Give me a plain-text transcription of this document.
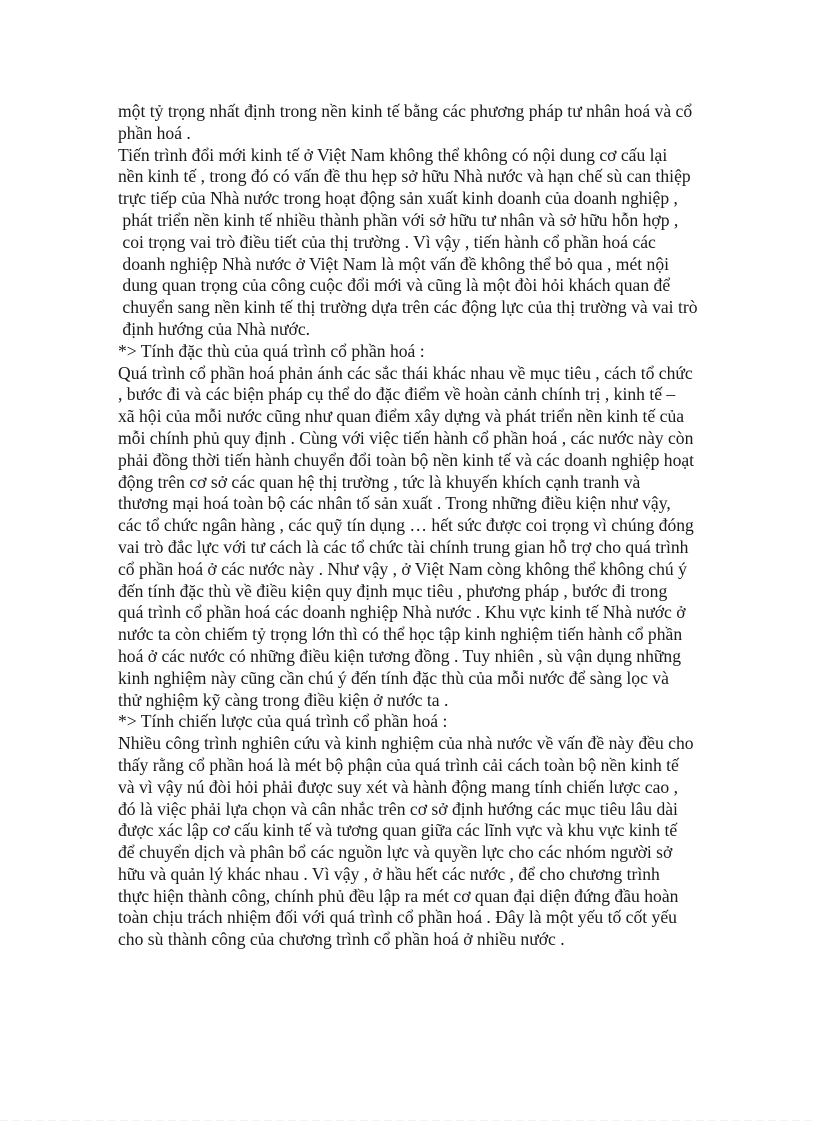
một tỷ trọng nhất định trong nền kinh tế bằng các phương pháp tư nhân hoá và cổ
phần hoá .
Tiến trình đổi mới kinh tế ở Việt Nam không thể không có nội dung cơ cấu lại
nền kinh tế , trong đó có vấn đề thu hẹp sở hữu Nhà nước và hạn chế sù can thiệp
trực tiếp của Nhà nước trong hoạt động sản xuất kinh doanh của doanh nghiệp ,
phát triển nền kinh tế nhiều thành phần với sở hữu tư nhân và sở hữu hỗn hợp ,
coi trọng vai trò điều tiết của thị trường . Vì vậy , tiến hành cổ phần hoá các
doanh nghiệp Nhà nước ở Việt Nam là một vấn đề không thể bỏ qua , mét nội
dung quan trọng của công cuộc đổi mới và cũng là một đòi hỏi khách quan để
chuyển sang nền kinh tế thị trường dựa trên các động lực của thị trường và vai trò
định hướng của Nhà nước.
*> Tính đặc thù của quá trình cổ phần hoá :
Quá trình cổ phần hoá phản ánh các sắc thái khác nhau về mục tiêu , cách tổ chức
, bước đi và các biện pháp cụ thể do đặc điểm về hoàn cảnh chính trị , kinh tế –
xã hội của mỗi nước cũng như quan điểm xây dựng và phát triển nền kinh tế của
mỗi chính phủ quy định . Cùng với việc tiến hành cổ phần hoá , các nước này còn
phải đồng thời tiến hành chuyển đổi toàn bộ nền kinh tế và các doanh nghiệp hoạt
động trên cơ sở các quan hệ thị trường , tức là khuyến khích cạnh tranh và
thương mại hoá toàn bộ các nhân tố sản xuất . Trong những điều kiện như vậy,
các tổ chức ngân hàng , các quỹ tín dụng … hết sức được coi trọng vì chúng đóng
vai trò đắc lực với tư cách là các tổ chức tài chính trung gian hỗ trợ cho quá trình
cổ phần hoá ở các nước này . Như vậy , ở Việt Nam còng không thể không chú ý
đến tính đặc thù về điều kiện quy định mục tiêu , phương pháp , bước đi trong
quá trình cổ phần hoá các doanh nghiệp Nhà nước . Khu vực kinh tế Nhà nước ở
nước ta còn chiếm tỷ trọng lớn thì có thể học tập kinh nghiệm tiến hành cổ phần
hoá ở các nước có những điều kiện tương đồng . Tuy nhiên , sù vận dụng những
kinh nghiệm này cũng cần chú ý đến tính đặc thù của mỗi nước để sàng lọc và
thử nghiệm kỹ càng trong điều kiện ở nước ta .
*> Tính chiến lược của quá trình cổ phần hoá :
Nhiều công trình nghiên cứu và kinh nghiệm của nhà nước về vấn đề này đều cho
thấy rằng cổ phần hoá là mét bộ phận của quá trình cải cách toàn bộ nền kinh tế
và vì vậy nú đòi hỏi phải được suy xét và hành động mang tính chiến lược cao ,
đó là việc phải lựa chọn và cân nhắc trên cơ sở định hướng các mục tiêu lâu dài
được xác lập cơ cấu kinh tế và tương quan giữa các lĩnh vực và khu vực kinh tế
để chuyển dịch và phân bổ các nguồn lực và quyền lực cho các nhóm người sở
hữu và quản lý khác nhau . Vì vậy , ở hầu hết các nước , để cho chương trình
thực hiện thành công, chính phủ đều lập ra mét cơ quan đại diện đứng đầu hoàn
toàn chịu trách nhiệm đối với quá trình cổ phần hoá . Đây là một yếu tố cốt yếu
cho sù thành công của chương trình cổ phần hoá ở nhiều nước .
